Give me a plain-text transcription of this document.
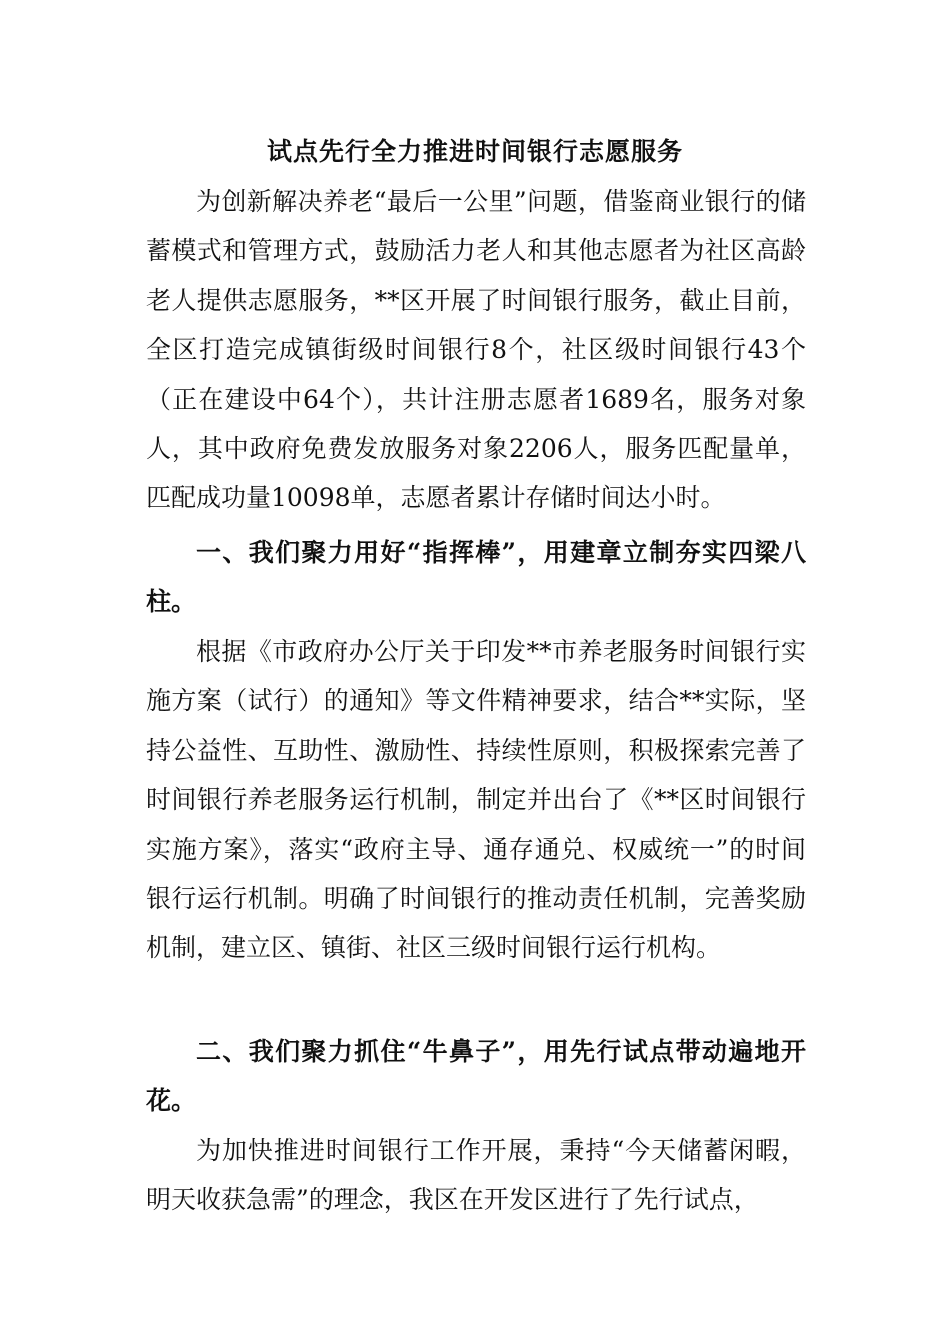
试点先行全力推进时间银行志愿服务

为创新解决养老“最后一公里”问题，借鉴商业银行的储蓄模式和管理方式，鼓励活力老人和其他志愿者为社区高龄老人提供志愿服务，**区开展了时间银行服务，截止目前，全区打造完成镇街级时间银行8个，社区级时间银行43个（正在建设中64个），共计注册志愿者1689名，服务对象人，其中政府免费发放服务对象2206人，服务匹配量单，匹配成功量10098单，志愿者累计存储时间达小时。

一、我们聚力用好“指挥棒”，用建章立制夯实四梁八柱。

根据《市政府办公厅关于印发**市养老服务时间银行实施方案（试行）的通知》等文件精神要求，结合**实际，坚持公益性、互助性、激励性、持续性原则，积极探索完善了时间银行养老服务运行机制，制定并出台了《**区时间银行实施方案》，落实“政府主导、通存通兑、权威统一”的时间银行运行机制。明确了时间银行的推动责任机制，完善奖励机制，建立区、镇街、社区三级时间银行运行机构。

二、我们聚力抓住“牛鼻子”，用先行试点带动遍地开花。

为加快推进时间银行工作开展，秉持“今天储蓄闲暇，明天收获急需”的理念，我区在开发区进行了先行试点，
